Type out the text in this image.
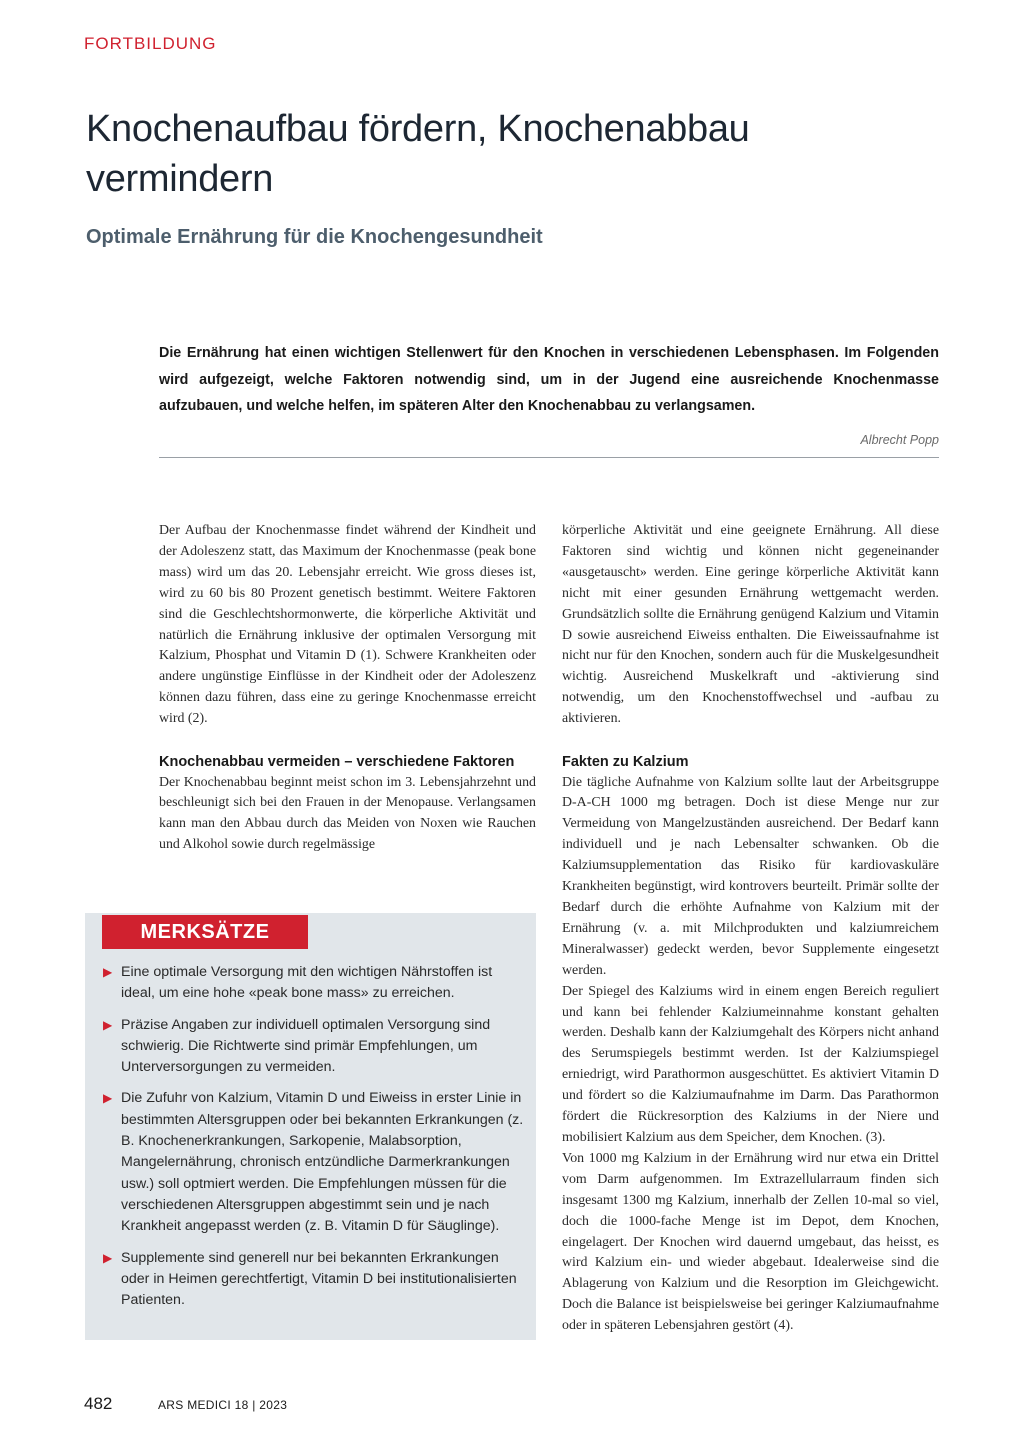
FORTBILDUNG
Knochenaufbau fördern, Knochenabbau vermindern
Optimale Ernährung für die Knochengesundheit

Die Ernährung hat einen wichtigen Stellenwert für den Knochen in verschiedenen Lebensphasen. Im Folgenden wird aufgezeigt, welche Faktoren notwendig sind, um in der Jugend eine ausreichende Knochenmasse aufzubauen, und welche helfen, im späteren Alter den Knochenabbau zu verlangsamen.

Albrecht Popp

Der Aufbau der Knochenmasse findet während der Kindheit und der Adoleszenz statt, das Maximum der Knochenmasse (peak bone mass) wird um das 20. Lebensjahr erreicht. Wie gross dieses ist, wird zu 60 bis 80 Prozent genetisch bestimmt. Weitere Faktoren sind die Geschlechtshormonwerte, die körperliche Aktivität und natürlich die Ernährung inklusive der optimalen Versorgung mit Kalzium, Phosphat und Vitamin D (1). Schwere Krankheiten oder andere ungünstige Einflüsse in der Kindheit oder der Adoleszenz können dazu führen, dass eine zu geringe Knochenmasse erreicht wird (2).

Knochenabbau vermeiden – verschiedene Faktoren

Der Knochenabbau beginnt meist schon im 3. Lebensjahrzehnt und beschleunigt sich bei den Frauen in der Menopause. Verlangsamen kann man den Abbau durch das Meiden von Noxen wie Rauchen und Alkohol sowie durch regelmässige

körperliche Aktivität und eine geeignete Ernährung. All diese Faktoren sind wichtig und können nicht gegeneinander «ausgetauscht» werden. Eine geringe körperliche Aktivität kann nicht mit einer gesunden Ernährung wettgemacht werden. Grundsätzlich sollte die Ernährung genügend Kalzium und Vitamin D sowie ausreichend Eiweiss enthalten. Die Eiweissaufnahme ist nicht nur für den Knochen, sondern auch für die Muskelgesundheit wichtig. Ausreichend Muskelkraft und -aktivierung sind notwendig, um den Knochenstoffwechsel und -aufbau zu aktivieren.

Fakten zu Kalzium

Die tägliche Aufnahme von Kalzium sollte laut der Arbeitsgruppe D-A-CH 1000 mg betragen. Doch ist diese Menge nur zur Vermeidung von Mangelzuständen ausreichend. Der Bedarf kann individuell und je nach Lebensalter schwanken. Ob die Kalziumsupplementation das Risiko für kardiovaskuläre Krankheiten begünstigt, wird kontrovers beurteilt. Primär sollte der Bedarf durch die erhöhte Aufnahme von Kalzium mit der Ernährung (v. a. mit Milchprodukten und kalziumreichem Mineralwasser) gedeckt werden, bevor Supplemente eingesetzt werden.

Der Spiegel des Kalziums wird in einem engen Bereich reguliert und kann bei fehlender Kalziumeinnahme konstant gehalten werden. Deshalb kann der Kalziumgehalt des Körpers nicht anhand des Serumspiegels bestimmt werden. Ist der Kalziumspiegel erniedrigt, wird Parathormon ausgeschüttet. Es aktiviert Vitamin D und fördert so die Kalziumaufnahme im Darm. Das Parathormon fördert die Rückresorption des Kalziums in der Niere und mobilisiert Kalzium aus dem Speicher, dem Knochen. (3).

Von 1000 mg Kalzium in der Ernährung wird nur etwa ein Drittel vom Darm aufgenommen. Im Extrazellularraum finden sich insgesamt 1300 mg Kalzium, innerhalb der Zellen 10-mal so viel, doch die 1000-fache Menge ist im Depot, dem Knochen, eingelagert. Der Knochen wird dauernd umgebaut, das heisst, es wird Kalzium ein- und wieder abgebaut. Idealerweise sind die Ablagerung von Kalzium und die Resorption im Gleichgewicht. Doch die Balance ist beispielsweise bei geringer Kalziumaufnahme oder in späteren Lebensjahren gestört (4).

MERKSÄTZE
▶ Eine optimale Versorgung mit den wichtigen Nährstoffen ist ideal, um eine hohe «peak bone mass» zu erreichen.
▶ Präzise Angaben zur individuell optimalen Versorgung sind schwierig. Die Richtwerte sind primär Empfehlungen, um Unterversorgungen zu vermeiden.
▶ Die Zufuhr von Kalzium, Vitamin D und Eiweiss in erster Linie in bestimmten Altersgruppen oder bei bekannten Erkrankungen (z. B. Knochenerkrankungen, Sarkopenie, Malabsorption, Mangelernährung, chronisch entzündliche Darmerkrankungen usw.) soll optmiert werden. Die Empfehlungen müssen für die verschiedenen Altersgruppen abgestimmt sein und je nach Krankheit angepasst werden (z. B. Vitamin D für Säuglinge).
▶ Supplemente sind generell nur bei bekannten Erkrankungen oder in Heimen gerechtfertigt, Vitamin D bei institutionalisierten Patienten.
482	ARS MEDICI 18 | 2023
